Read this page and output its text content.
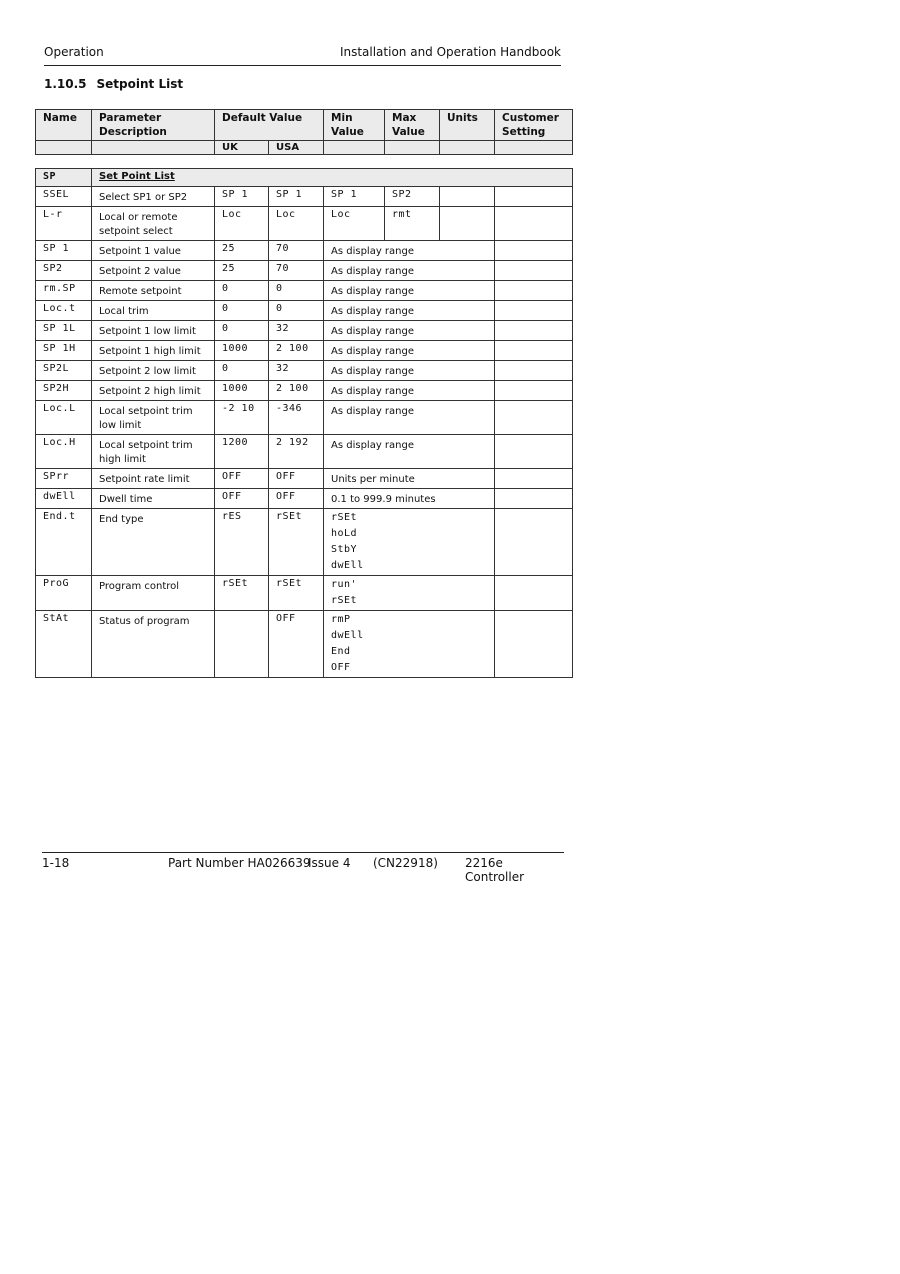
Operation	Installation and Operation Handbook
1.10.5 Setpoint List
Name	Parameter Description	Default Value		Min Value	Max Value	Units	Customer Setting
		UK	USA				
SP	Set Point List						
SSEL	Select SP1 or SP2	SP 1	SP 1	SP 1	SP2		
L-r	Local or remote setpoint select	Loc	Loc	Loc	rmt		
SP 1	Setpoint 1 value	25	70	As display range			
SP2	Setpoint 2 value	25	70	As display range			
rm.SP	Remote setpoint	0	0	As display range			
Loc.t	Local trim	0	0	As display range			
SP 1L	Setpoint 1 low limit	0	32	As display range			
SP 1H	Setpoint 1 high limit	1000	2 100	As display range			
SP2L	Setpoint 2 low limit	0	32	As display range			
SP2H	Setpoint 2 high limit	1000	2 100	As display range			
Loc.L	Local setpoint trim low limit	-2 10	-346	As display range			
Loc.H	Local setpoint trim high limit	1200	2 192	As display range			
SPrr	Setpoint rate limit	OFF	OFF	Units per minute			
dwEll	Dwell time	OFF	OFF	0.1 to 999.9 minutes			
End.t	End type	rES	rSEt	rSEt
hoLd
StbY
dwEll			

ProG	Program control	rSEt	rSEt	run'
rSEt			

StAt	Status of program		OFF	rmP
dwEll
End
OFF			

1-18	Part Number HA026639
Issue 4 (CN22918) 2216e Controller
